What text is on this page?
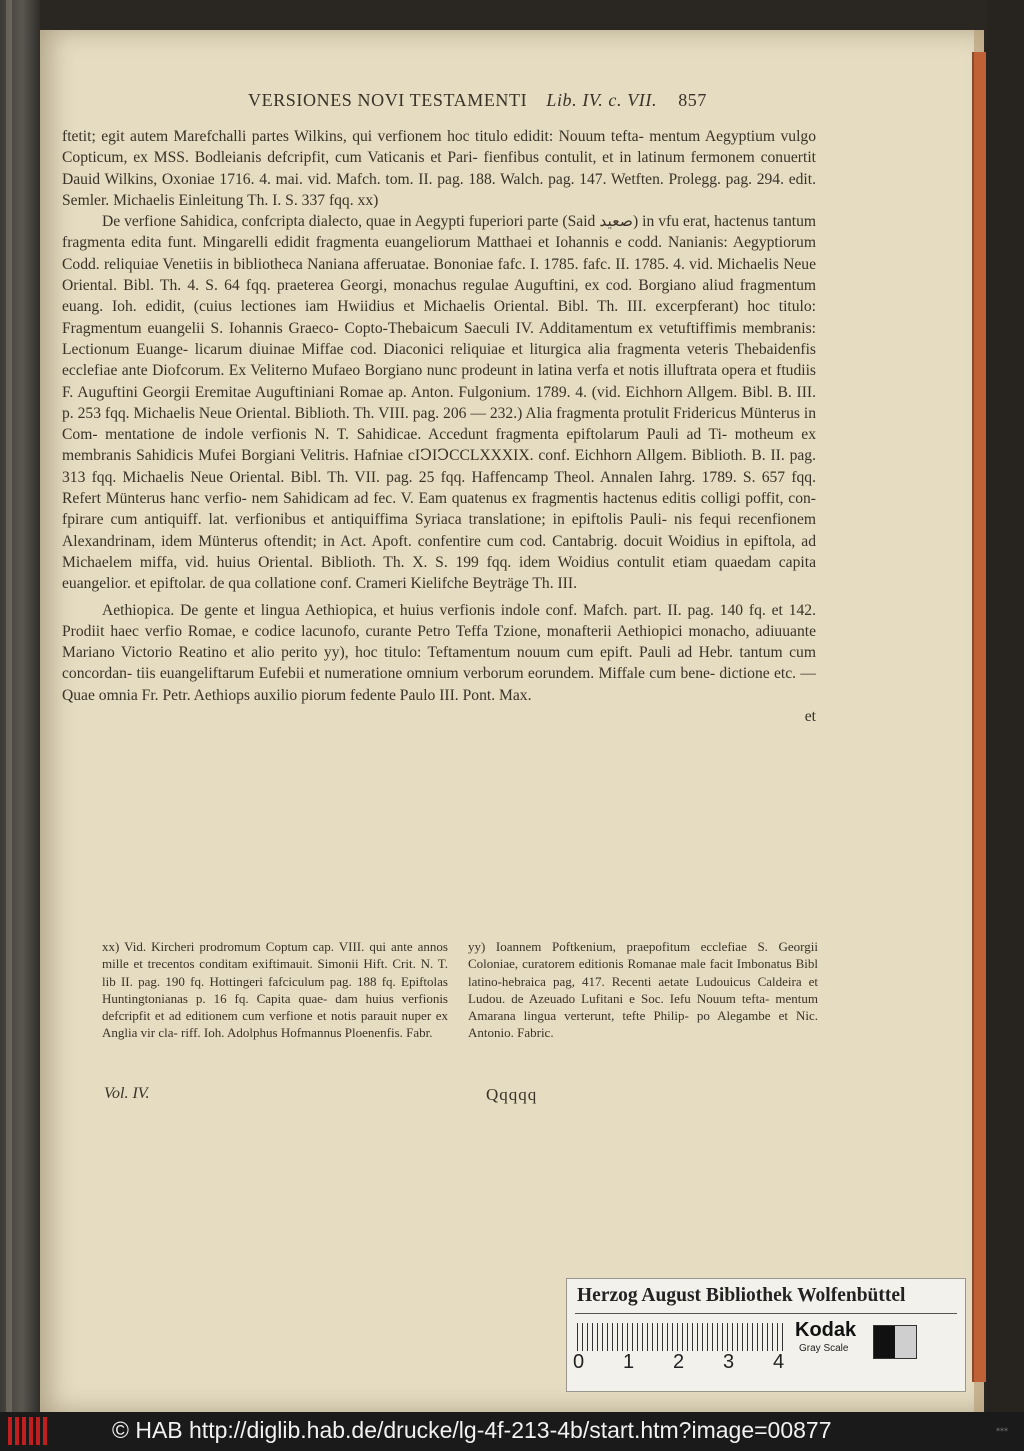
VERSIONES NOVI TESTAMENTI Lib. IV. c. VII. 857

ftetit; egit autem Marefchalli partes Wilkins, qui verfionem hoc titulo edidit: Nouum tefta- mentum Aegyptium vulgo Copticum, ex MSS. Bodleianis defcripfit, cum Vaticanis et Pari- fienfibus contulit, et in latinum fermonem conuertit Dauid Wilkins, Oxoniae 1716. 4. mai. vid. Mafch. tom. II. pag. 188. Walch. pag. 147. Wetften. Prolegg. pag. 294. edit. Semler. Michaelis Einleitung Th. I. S. 337 fqq. xx)

De verfione Sahidica, confcripta dialecto, quae in Aegypti fuperiori parte (Said صعيد) in vfu erat, hactenus tantum fragmenta edita funt. Mingarelli edidit fragmenta euangeliorum Matthaei et Iohannis e codd. Nanianis: Aegyptiorum Codd. reliquiae Venetiis in bibliotheca Naniana afferuatae. Bononiae fafc. I. 1785. fafc. II. 1785. 4. vid. Michaelis Neue Oriental. Bibl. Th. 4. S. 64 fqq. praeterea Georgi, monachus regulae Auguftini, ex cod. Borgiano aliud fragmentum euang. Ioh. edidit, (cuius lectiones iam Hwiidius et Michaelis Oriental. Bibl. Th. III. excerpferant) hoc titulo: Fragmentum euangelii S. Iohannis Graeco- Copto-Thebaicum Saeculi IV. Additamentum ex vetuftiffimis membranis: Lectionum Euange- licarum diuinae Miffae cod. Diaconici reliquiae et liturgica alia fragmenta veteris Thebaidenfis ecclefiae ante Diofcorum. Ex Veliterno Mufaeo Borgiano nunc prodeunt in latina verfa et notis illuftrata opera et ftudiis F. Auguftini Georgii Eremitae Auguftiniani Romae ap. Anton. Fulgonium. 1789. 4. (vid. Eichhorn Allgem. Bibl. B. III. p. 253 fqq. Michaelis Neue Oriental. Biblioth. Th. VIII. pag. 206 — 232.) Alia fragmenta protulit Fridericus Münterus in Com- mentatione de indole verfionis N. T. Sahidicae. Accedunt fragmenta epiftolarum Pauli ad Ti- motheum ex membranis Sahidicis Mufei Borgiani Velitris. Hafniae cIↃIↃCCLXXXIX. conf. Eichhorn Allgem. Biblioth. B. II. pag. 313 fqq. Michaelis Neue Oriental. Bibl. Th. VII. pag. 25 fqq. Haffencamp Theol. Annalen Iahrg. 1789. S. 657 fqq. Refert Münterus hanc verfio- nem Sahidicam ad fec. V. Eam quatenus ex fragmentis hactenus editis colligi poffit, con- fpirare cum antiquiff. lat. verfionibus et antiquiffima Syriaca translatione; in epiftolis Pauli- nis fequi recenfionem Alexandrinam, idem Münterus oftendit; in Act. Apoft. confentire cum cod. Cantabrig. docuit Woidius in epiftola, ad Michaelem miffa, vid. huius Oriental. Biblioth. Th. X. S. 199 fqq. idem Woidius contulit etiam quaedam capita euangelior. et epiftolar. de qua collatione conf. Crameri Kielifche Beyträge Th. III.

Aethiopica. De gente et lingua Aethiopica, et huius verfionis indole conf. Mafch. part. II. pag. 140 fq. et 142. Prodiit haec verfio Romae, e codice lacunofo, curante Petro Teffa Tzione, monafterii Aethiopici monacho, adiuuante Mariano Victorio Reatino et alio perito yy), hoc titulo: Teftamentum nouum cum epift. Pauli ad Hebr. tantum cum concordan- tiis euangeliftarum Eufebii et numeratione omnium verborum eorundem. Miffale cum bene- dictione etc. — Quae omnia Fr. Petr. Aethiops auxilio piorum fedente Paulo III. Pont. Max.

et

xx) Vid. Kircheri prodromum Coptum cap. VIII. qui ante annos mille et trecentos conditam exiftimauit. Simonii Hift. Crit. N. T. lib II. pag. 190 fq. Hottingeri fafciculum pag. 188 fq. Epiftolas Huntingtonianas p. 16 fq. Capita quae- dam huius verfionis defcripfit et ad editionem cum verfione et notis parauit nuper ex Anglia vir cla- riff. Ioh. Adolphus Hofmannus Ploenenfis. Fabr.
yy) Ioannem Poftkenium, praepofitum ecclefiae S. Georgii Coloniae, curatorem editionis Romanae male facit Imbonatus Bibl latino-hebraica pag, 417. Recenti aetate Ludouicus Caldeira et Ludou. de Azeuado Lufitani e Soc. Iefu Nouum tefta- mentum Amarana lingua verterunt, tefte Philip- po Alegambe et Nic. Antonio. Fabric.
Vol. IV.	Qqqqq
Herzog August Bibliothek Wolfenbüttel
0 1 2 3 4
Kodak
Gray Scale
© HAB http://diglib.hab.de/drucke/lg-4f-213-4b/start.htm?image=00877	⁎⁎⁎
